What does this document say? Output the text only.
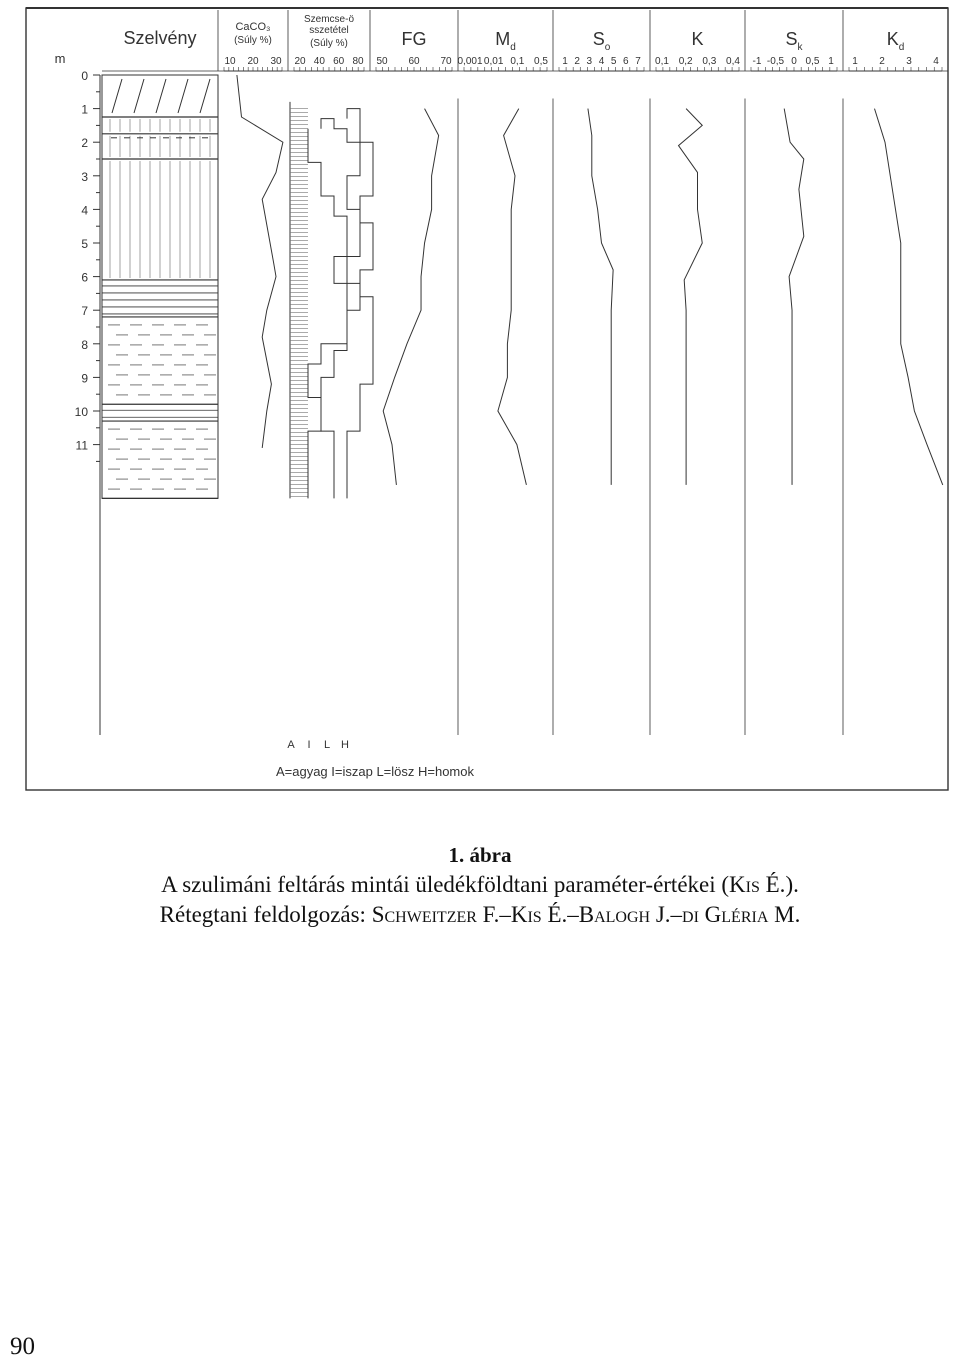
m
0
1
2
3
4
5
6
7
8
9
10
11
Szelvény
CaCO₃
(Súly %)
10 20 30
Szemcse-ö
sszetétel
(Súly %)
20 40 60 80
FG
50 60 70
$M_d$
0,001 0,01 0,1 0,5
$S_o$
1 2 3 4 5 6 7
K
0,1 0,2 0,3 0,4
$S_k$
-1 -0,5 0 0,5 1
$K_d$
1 2 3 4
A I L H
A=agyag I=iszap L=lösz H=homok
1. ábra
A szulimáni feltárás mintái üledékföldtani paraméter-értékei (Kis É.).
Rétegtani feldolgozás: Schweitzer F.–Kis É.–Balogh J.–di Gléria M.
90
